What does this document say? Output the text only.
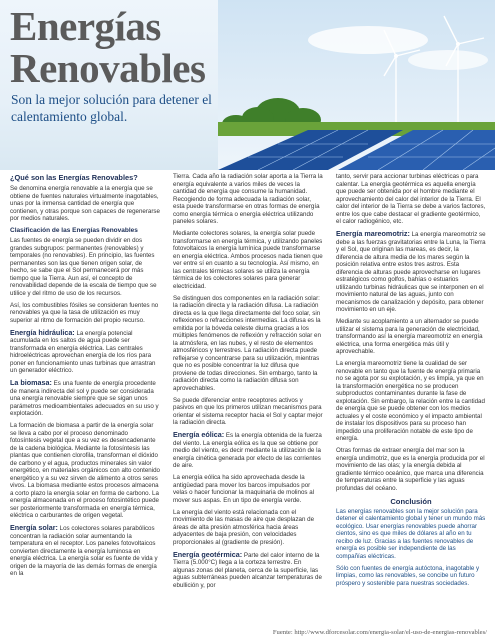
Energías
Renovables
Son la mejor solución para detener el calentamiento global.
¿Qué son las Energías Renovables?

Se denomina energía renovable a la energía que se obtiene de fuentes naturales virtualmente inagotables, unas por la inmensa cantidad de energía que contienen, y otras porque son capaces de regenerarse por medios naturales.

Clasificación de las Energías Renovables

Las fuentes de energía se pueden dividir en dos grandes subgrupos: permanentes (renovables) y temporales (no renovables). En principio, las fuentes permanentes son las que tienen origen solar, de hecho, se sabe que el Sol permanecerá por más tiempo que la Tierra. Aun así, el concepto de renovabilidad depende de la escala de tiempo que se utilice y del ritmo de uso de los recursos.

Así, los combustibles fósiles se consideran fuentes no renovables ya que la tasa de utilización es muy superior al ritmo de formación del propio recurso.

Energía hidráulica: La energía potencial acumulada en los saltos de agua puede ser transformada en energía eléctrica. Las centrales hidroeléctricas aprovechan energía de los ríos para poner en funcionamiento unas turbinas que arrastran un generador eléctrico.

La biomasa: Es una fuente de energía procedente de manera indirecta del sol y puede ser considerada una energía renovable siempre que se sigan unos parámetros medioambientales adecuados en su uso y explotación.

La formación de biomasa a partir de la energía solar se lleva a cabo por el proceso denominado fotosíntesis vegetal que a su vez es desencadenante de la cadena biológica. Mediante la fotosíntesis las plantas que contienen clorofila, transforman el dióxido de carbono y el agua, productos minerales sin valor energético, en materiales orgánicos con alto contenido energético y a su vez sirven de alimento a otros seres vivos. La biomasa mediante estos procesos almacena a corto plazo la energía solar en forma de carbono. La energía almacenada en el proceso fotosintético puede ser posteriormente transformada en energía térmica, eléctrica o carburantes de origen vegetal.

Energía solar: Los colectores solares parabólicos concentran la radiación solar aumentando la temperatura en el receptor. Los paneles fotovoltaicos convierten directamente la energía luminosa en energía eléctrica. La energía solar es fuente de vida y origen de la mayoría de las demás formas de energía en la

Tierra. Cada año la radiación solar aporta a la Tierra la energía equivalente a varios miles de veces la cantidad de energía que consume la humanidad. Recogiendo de forma adecuada la radiación solar, esta puede transformarse en otras formas de energía como energía térmica o energía eléctrica utilizando paneles solares.

Mediante colectores solares, la energía solar puede transformarse en energía térmica, y utilizando paneles fotovoltaicos la energía lumínica puede transformarse en energía eléctrica. Ambos procesos nada tienen que ver entre sí en cuanto a su tecnología. Así mismo, en las centrales térmicas solares se utiliza la energía térmica de los colectores solares para generar electricidad.

Se distinguen dos componentes en la radiación solar: la radiación directa y la radiación difusa. La radiación directa es la que llega directamente del foco solar, sin reflexiones o refracciones intermedias. La difusa es la emitida por la bóveda celeste diurna gracias a los múltiples fenómenos de reflexión y refracción solar en la atmósfera, en las nubes, y el resto de elementos atmosféricos y terrestres. La radiación directa puede reflejarse y concentrarse para su utilización, mientras que no es posible concentrar la luz difusa que proviene de todas direcciones. Sin embargo, tanto la radiación directa como la radiación difusa son aprovechables.

Se puede diferenciar entre receptores activos y pasivos en que los primeros utilizan mecanismos para orientar el sistema receptor hacia el Sol y captar mejor la radiación directa.

Energía eólica: Es la energía obtenida de la fuerza del viento. La energía eólica es la que se obtiene por medio del viento, es decir mediante la utilización de la energía cinética generada por efecto de las corrientes de aire.

La energía eólica ha sido aprovechada desde la antigüedad para mover los barcos impulsados por velas o hacer funcionar la maquinaria de molinos al mover sus aspas. En un tipo de energía verde.

La energía del viento está relacionada con el movimiento de las masas de aire que desplazan de áreas de alta presión atmosférica hacia áreas adyacentes de baja presión, con velocidades proporcionales al (gradiente de presión).

Energía geotérmica: Parte del calor interno de la Tierra (5.000°C) llega a la corteza terrestre. En algunas zonas del planeta, cerca de la superficie, las aguas subterráneas pueden alcanzar temperaturas de ebullición y, por

tanto, servir para accionar turbinas eléctricas o para calentar. La energía geotérmica es aquella energía que puede ser obtenida por el hombre mediante el aprovechamiento del calor del interior de la Tierra. El calor del interior de la Tierra se debe a varios factores, entre los que cabe destacar el gradiente geotérmico, el calor radiogénico, etc.

Energía mareomotriz: La energía mareomotriz se debe a las fuerzas gravitatorias entre la Luna, la Tierra y el Sol, que originan las mareas, es decir, la diferencia de altura media de los mares según la posición relativa entre estos tres astros. Esta diferencia de alturas puede aprovecharse en lugares estratégicos como golfos, bahías o estuarios utilizando turbinas hidráulicas que se interponen en el movimiento natural de las aguas, junto con mecanismos de canalización y depósito, para obtener movimiento en un eje.

Mediante su acoplamiento a un alternador se puede utilizar el sistema para la generación de electricidad, transformando así la energía mareomotriz en energía eléctrica, una forma energética más útil y aprovechable.

La energía mareomotriz tiene la cualidad de ser renovable en tanto que la fuente de energía primaria no se agota por su explotación, y es limpia, ya que en la transformación energética no se producen subproductos contaminantes durante la fase de explotación. Sin embargo, la relación entre la cantidad de energía que se puede obtener con los medios actuales y el coste económico y el impacto ambiental de instalar los dispositivos para su proceso han impedido una proliferación notable de este tipo de energía.

Otras formas de extraer energía del mar son la energía undimotriz, que es la energía producida por el movimiento de las olas; y la energía debida al gradiente térmico oceánico, que marca una diferencia de temperaturas entre la superficie y las aguas profundas del océano.

Conclusión

Las energías renovables son la mejor solución para detener el calentamiento global y tener un mundo más ecológico. Usar energías renovables puede ahorrar cientos, sino es que miles de dólares al año en tu recibo de luz. Gracias a las fuentes renovables de energía es posible ser independiente de las compañías eléctricas.

Sólo con fuentes de energía autóctona, inagotable y limpias, como las renovables, se concibe un futuro próspero y sostenible para nuestras sociedades.

Fuente: http://www.dforcesolar.com/energia-solar/el-uso-de-energias-renovables/
